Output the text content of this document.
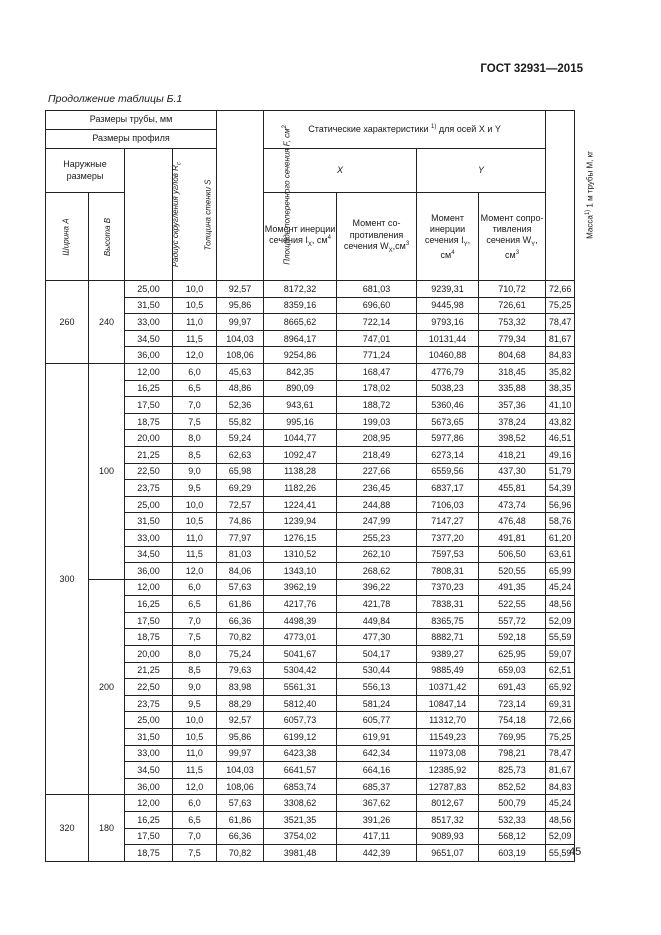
ГОСТ 32931—2015
Продолжение таблицы Б.1
Размеры трубы, мм				Площадь поперечного сечения F, $см^2$	Статические характеристики $^{1)}$ для осей Х и Y				Масса$^{1)}$ 1 м трубы M, кг
Размеры профиля									
Наружные размеры		Радиус скругления углов $R_с$	Толщина стенки S		X		Y		
Ширина А	Высота В				Момент инерции сечения $I_X$, $см^4$	Момент со-противления сечения $W_X,см^3$	Момент инерции сечения $I_Y$, $см^4$	Момент сопро-тивления сечения $W_Y$, $см^3$
260	240	25,00	10,0	92,57	8172,32	681,03	9239,31	710,72	72,66
		31,50	10,5	95,86	8359,16	696,60	9445,98	726,61	75,25
		33,00	11,0	99,97	8665,62	722,14	9793,16	753,32	78,47
		34,50	11,5	104,03	8964,17	747,01	10131,44	779,34	81,67
		36,00	12,0	108,06	9254,86	771,24	10460,88	804,68	84,83
300	100	12,00	6,0	45,63	842,35	168,47	4776,79	318,45	35,82
		16,25	6,5	48,86	890,09	178,02	5038,23	335,88	38,35
		17,50	7,0	52,36	943,61	188,72	5360,46	357,36	41,10
		18,75	7,5	55,82	995,16	199,03	5673,65	378,24	43,82
		20,00	8,0	59,24	1044,77	208,95	5977,86	398,52	46,51
		21,25	8,5	62,63	1092,47	218,49	6273,14	418,21	49,16
		22,50	9,0	65,98	1138,28	227,66	6559,56	437,30	51,79
		23,75	9,5	69,29	1182,26	236,45	6837,17	455,81	54,39
		25,00	10,0	72,57	1224,41	244,88	7106,03	473,74	56,96
		31,50	10,5	74,86	1239,94	247,99	7147,27	476,48	58,76
		33,00	11,0	77,97	1276,15	255,23	7377,20	491,81	61,20
		34,50	11,5	81,03	1310,52	262,10	7597,53	506,50	63,61
		36,00	12,0	84,06	1343,10	268,62	7808,31	520,55	65,99
	200	12,00	6,0	57,63	3962,19	396,22	7370,23	491,35	45,24
		16,25	6,5	61,86	4217,76	421,78	7838,31	522,55	48,56
		17,50	7,0	66,36	4498,39	449,84	8365,75	557,72	52,09
		18,75	7,5	70,82	4773,01	477,30	8882,71	592,18	55,59
		20,00	8,0	75,24	5041,67	504,17	9389,27	625,95	59,07
		21,25	8,5	79,63	5304,42	530,44	9885,49	659,03	62,51
		22,50	9,0	83,98	5561,31	556,13	10371,42	691,43	65,92
		23,75	9,5	88,29	5812,40	581,24	10847,14	723,14	69,31
		25,00	10,0	92,57	6057,73	605,77	11312,70	754,18	72,66
		31,50	10,5	95,86	6199,12	619,91	11549,23	769,95	75,25
		33,00	11,0	99,97	6423,38	642,34	11973,08	798,21	78,47
		34,50	11,5	104,03	6641,57	664,16	12385,92	825,73	81,67
		36,00	12,0	108,06	6853,74	685,37	12787,83	852,52	84,83
320	180	12,00	6,0	57,63	3308,62	367,62	8012,67	500,79	45,24
		16,25	6,5	61,86	3521,35	391,26	8517,32	532,33	48,56
		17,50	7,0	66,36	3754,02	417,11	9089,93	568,12	52,09
		18,75	7,5	70,82	3981,48	442,39	9651,07	603,19	55,59
45
